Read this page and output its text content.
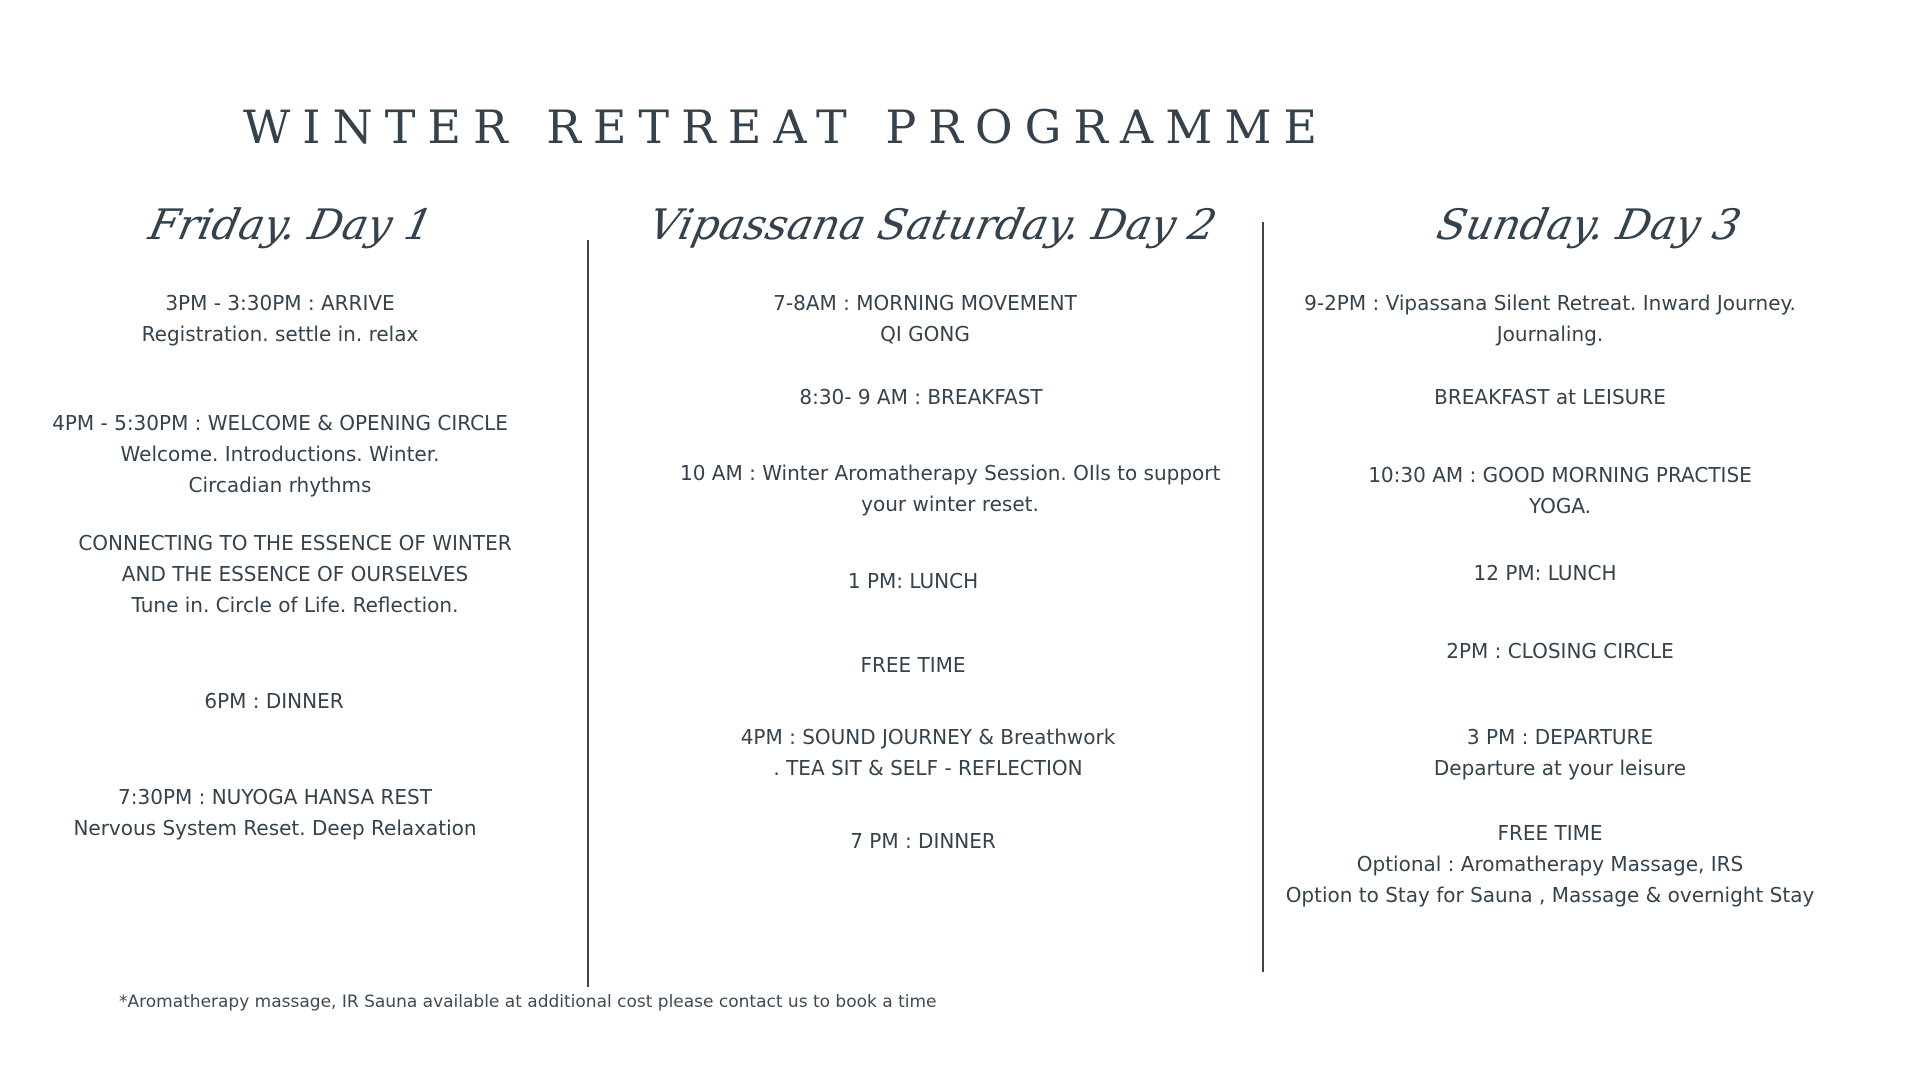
WINTER RETREAT PROGRAMME
Friday. Day 1	Vipassana Saturday. Day 2	Sunday. Day 3
3PM - 3:30PM : ARRIVE
Registration. settle in. relax
4PM - 5:30PM : WELCOME & OPENING CIRCLE
Welcome. Introductions. Winter.
Circadian rhythms
CONNECTING TO THE ESSENCE OF WINTER
AND THE ESSENCE OF OURSELVES
Tune in. Circle of Life. Reflection.
6PM : DINNER
7:30PM : NUYOGA HANSA REST
Nervous System Reset. Deep Relaxation
7-8AM : MORNING MOVEMENT
QI GONG
8:30- 9 AM : BREAKFAST
10 AM : Winter Aromatherapy Session. OIls to support
your winter reset.
1 PM: LUNCH
FREE TIME
4PM : SOUND JOURNEY & Breathwork
. TEA SIT & SELF - REFLECTION
7 PM : DINNER
9-2PM : Vipassana Silent Retreat. Inward Journey.
Journaling.
BREAKFAST at LEISURE
10:30 AM : GOOD MORNING PRACTISE
YOGA.
12 PM: LUNCH
2PM : CLOSING CIRCLE
3 PM : DEPARTURE
Departure at your leisure
FREE TIME
Optional : Aromatherapy Massage, IRS
Option to Stay for Sauna , Massage & overnight Stay
*Aromatherapy massage, IR Sauna available at additional cost please contact us to book a time
